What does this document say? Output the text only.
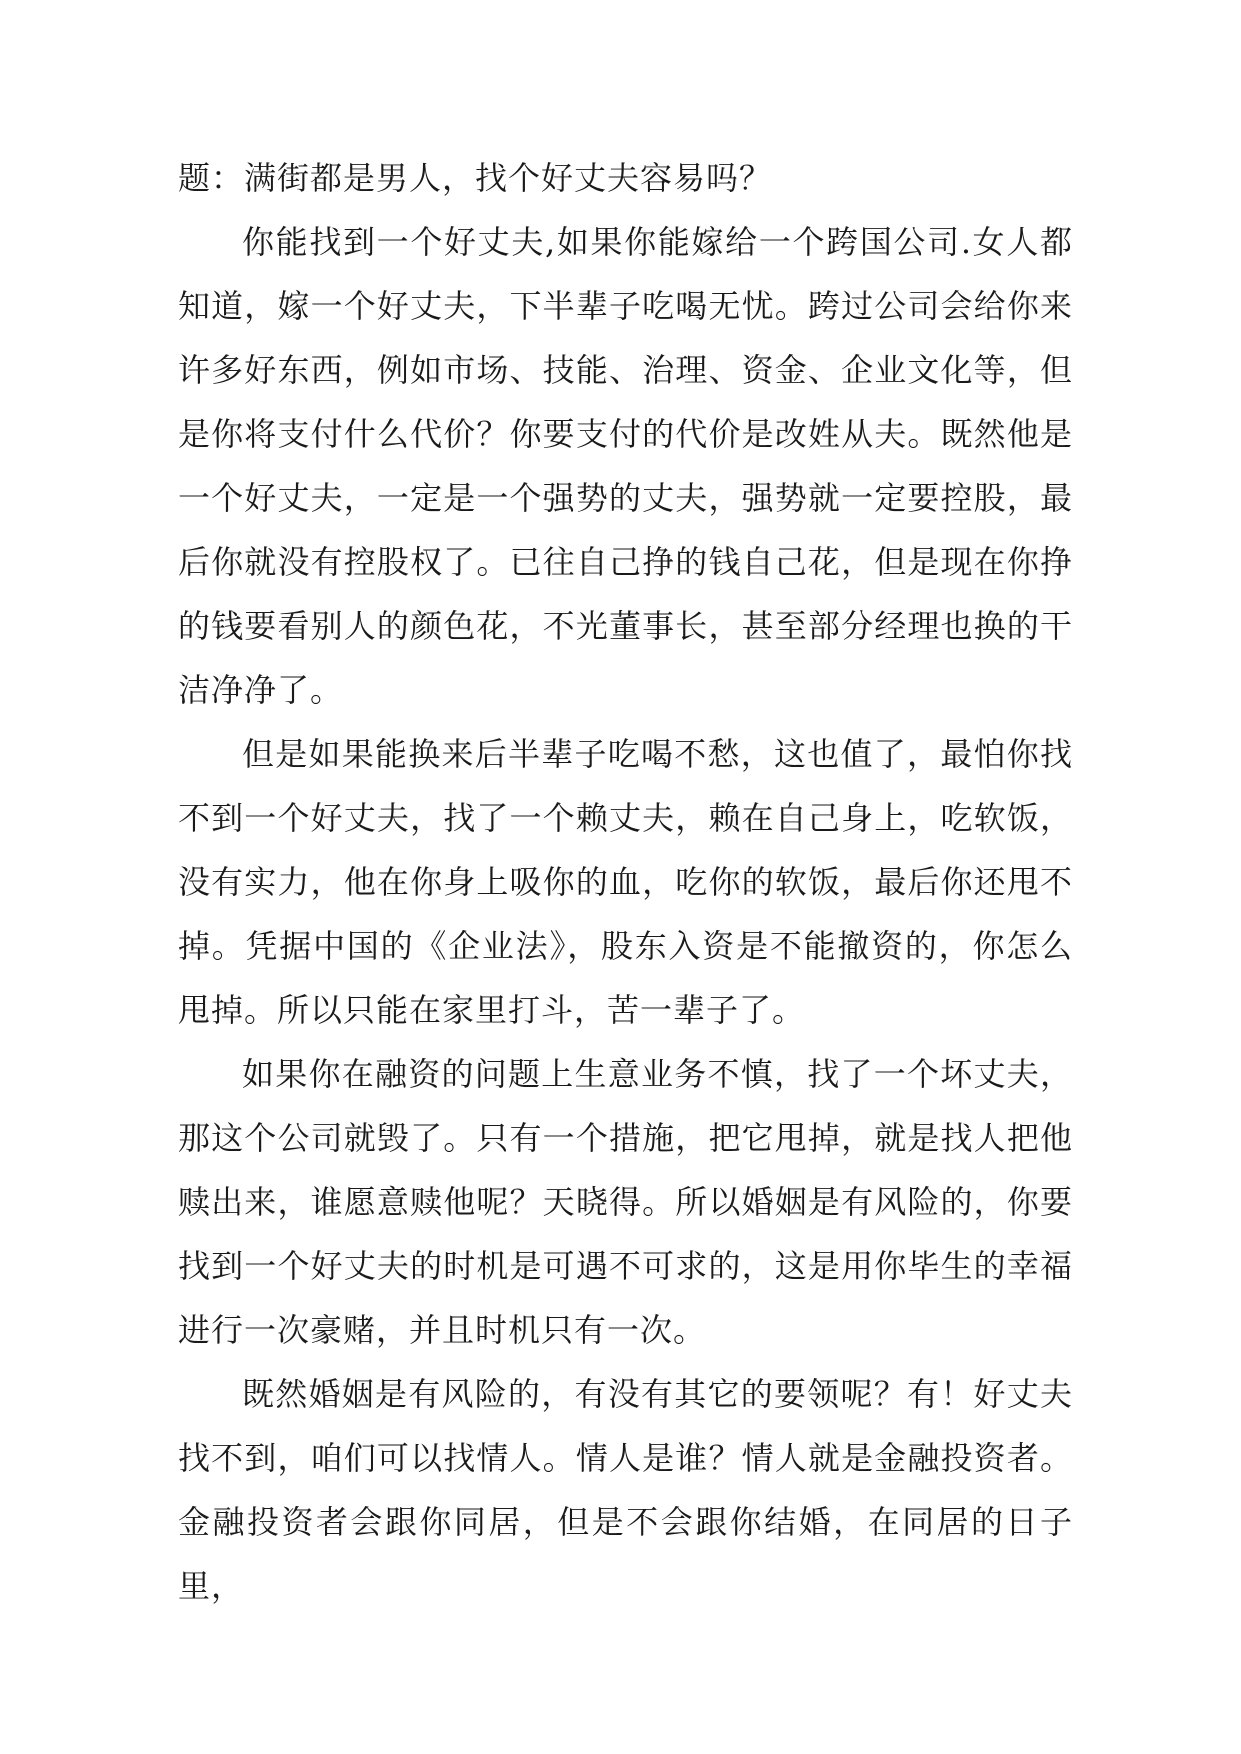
题：满街都是男人，找个好丈夫容易吗？

你能找到一个好丈夫,如果你能嫁给一个跨国公司.女人都知道，嫁一个好丈夫，下半辈子吃喝无忧。跨过公司会给你来许多好东西，例如市场、技能、治理、资金、企业文化等，但是你将支付什么代价？你要支付的代价是改姓从夫。既然他是一个好丈夫，一定是一个强势的丈夫，强势就一定要控股，最后你就没有控股权了。已往自己挣的钱自己花，但是现在你挣的钱要看别人的颜色花，不光董事长，甚至部分经理也换的干洁净净了。

但是如果能换来后半辈子吃喝不愁，这也值了，最怕你找不到一个好丈夫，找了一个赖丈夫，赖在自己身上，吃软饭，没有实力，他在你身上吸你的血，吃你的软饭，最后你还甩不掉。凭据中国的《企业法》，股东入资是不能撤资的，你怎么甩掉。所以只能在家里打斗，苦一辈子了。

如果你在融资的问题上生意业务不慎，找了一个坏丈夫，那这个公司就毁了。只有一个措施，把它甩掉，就是找人把他赎出来，谁愿意赎他呢？天晓得。所以婚姻是有风险的，你要找到一个好丈夫的时机是可遇不可求的，这是用你毕生的幸福进行一次豪赌，并且时机只有一次。

既然婚姻是有风险的，有没有其它的要领呢？有！好丈夫找不到，咱们可以找情人。情人是谁？情人就是金融投资者。金融投资者会跟你同居，但是不会跟你结婚，在同居的日子里，
